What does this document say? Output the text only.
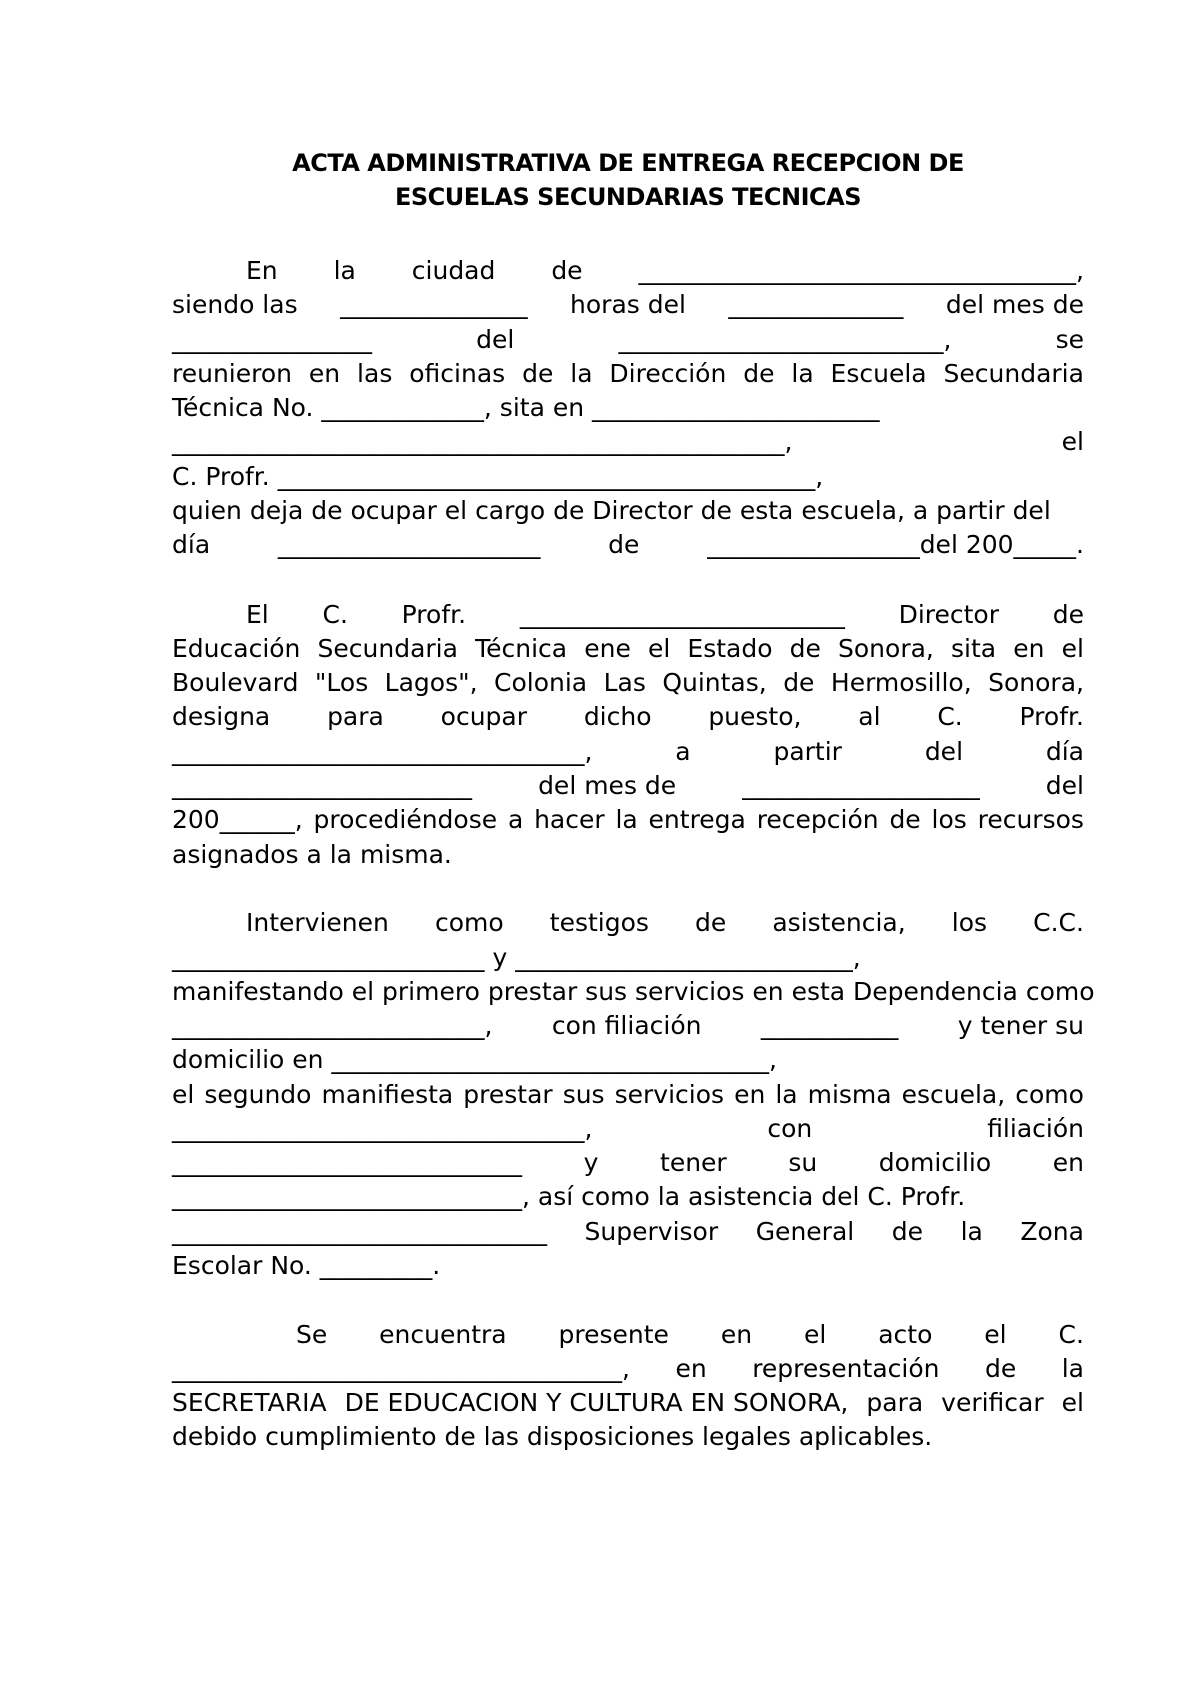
ACTA ADMINISTRATIVA DE ENTREGA RECEPCION DE
ESCUELAS SECUNDARIAS TECNICAS
En la ciudad de ___________________________________,
siendo las _______________ horas del ______________ del mes de
________________	del	__________________________,	se
reunieron en las oficinas de la Dirección de la Escuela Secundaria
Técnica No. _____________, sita en _______________________
_________________________________________________,	el
C. Profr. ___________________________________________,
quien deja de ocupar el cargo de Director de esta escuela, a partir del
día	_____________________	de	_________________del 200_____.
El C. Profr. __________________________ Director de
Educación Secundaria Técnica ene el Estado de Sonora, sita en el
Boulevard "Los Lagos", Colonia Las Quintas, de Hermosillo, Sonora,
designa para ocupar dicho puesto, al C. Profr.
_________________________________,	a	partir	del	día
________________________	del mes de	___________________	del
200______, procediéndose a hacer la entrega recepción de los recursos
asignados a la misma.
Intervienen como testigos de asistencia, los C.C.
_________________________ y ___________________________,
manifestando el primero prestar sus servicios en esta Dependencia como
_________________________, con filiación ___________ y tener su
domicilio en ___________________________________,
el segundo manifiesta prestar sus servicios en la misma escuela, como
_________________________________,	con	filiación
____________________________ y tener su domicilio en
____________________________, así como la asistencia del C. Profr.
______________________________ Supervisor General de la Zona
Escolar No. _________.
Se encuentra presente en el acto el C.
____________________________________, en representación de la
SECRETARIA DE EDUCACION Y CULTURA EN SONORA, para verificar el
debido cumplimiento de las disposiciones legales aplicables.
